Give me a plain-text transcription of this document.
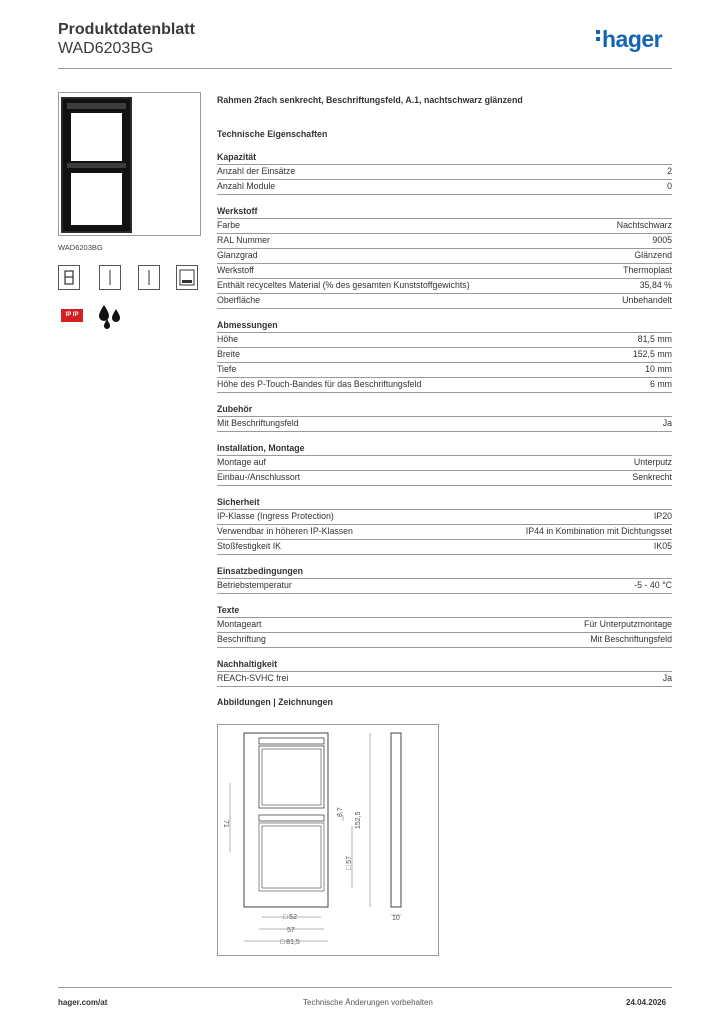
Produktdatenblatt
WAD6203BG	hager
WAD6203BG
IP IP
Rahmen 2fach senkrecht, Beschriftungsfeld, A.1, nachtschwarz glänzend
Technische Eigenschaften
Kapazität
Anzahl der Einsätze	2
Anzahl Module	0
Werkstoff
Farbe	Nachtschwarz
RAL Nummer	9005
Glanzgrad	Glänzend
Werkstoff	Thermoplast
Enthält recyceltes Material (% des gesamten Kunststoffgewichts)	35,84 %
Oberfläche	Unbehandelt
Abmessungen
Höhe	81,5 mm
Breite	152,5 mm
Tiefe	10 mm
Höhe des P-Touch-Bandes für das Beschriftungsfeld	6 mm
Zubehör
Mit Beschriftungsfeld	Ja
Installation, Montage
Montage auf	Unterputz
Einbau-/Anschlussort	Senkrecht
Sicherheit
IP-Klasse (Ingress Protection)	IP20
Verwendbar in höheren IP-Klassen	IP44 in Kombination mit Dichtungsset
Stoßfestigkeit IK	IK05
Einsatzbedingungen
Betriebstemperatur	-5 - 40 °C
Texte
Montageart	Für Unterputzmontage
Beschriftung	Mit Beschriftungsfeld
Nachhaltigkeit
REACh-SVHC frei	Ja
Abbildungen | Zeichnungen
71
8,7 152,5
□ 57
10
□ 52
57
□ 81,5
hager.com/at	Technische Änderungen vorbehalten	24.04.2026
